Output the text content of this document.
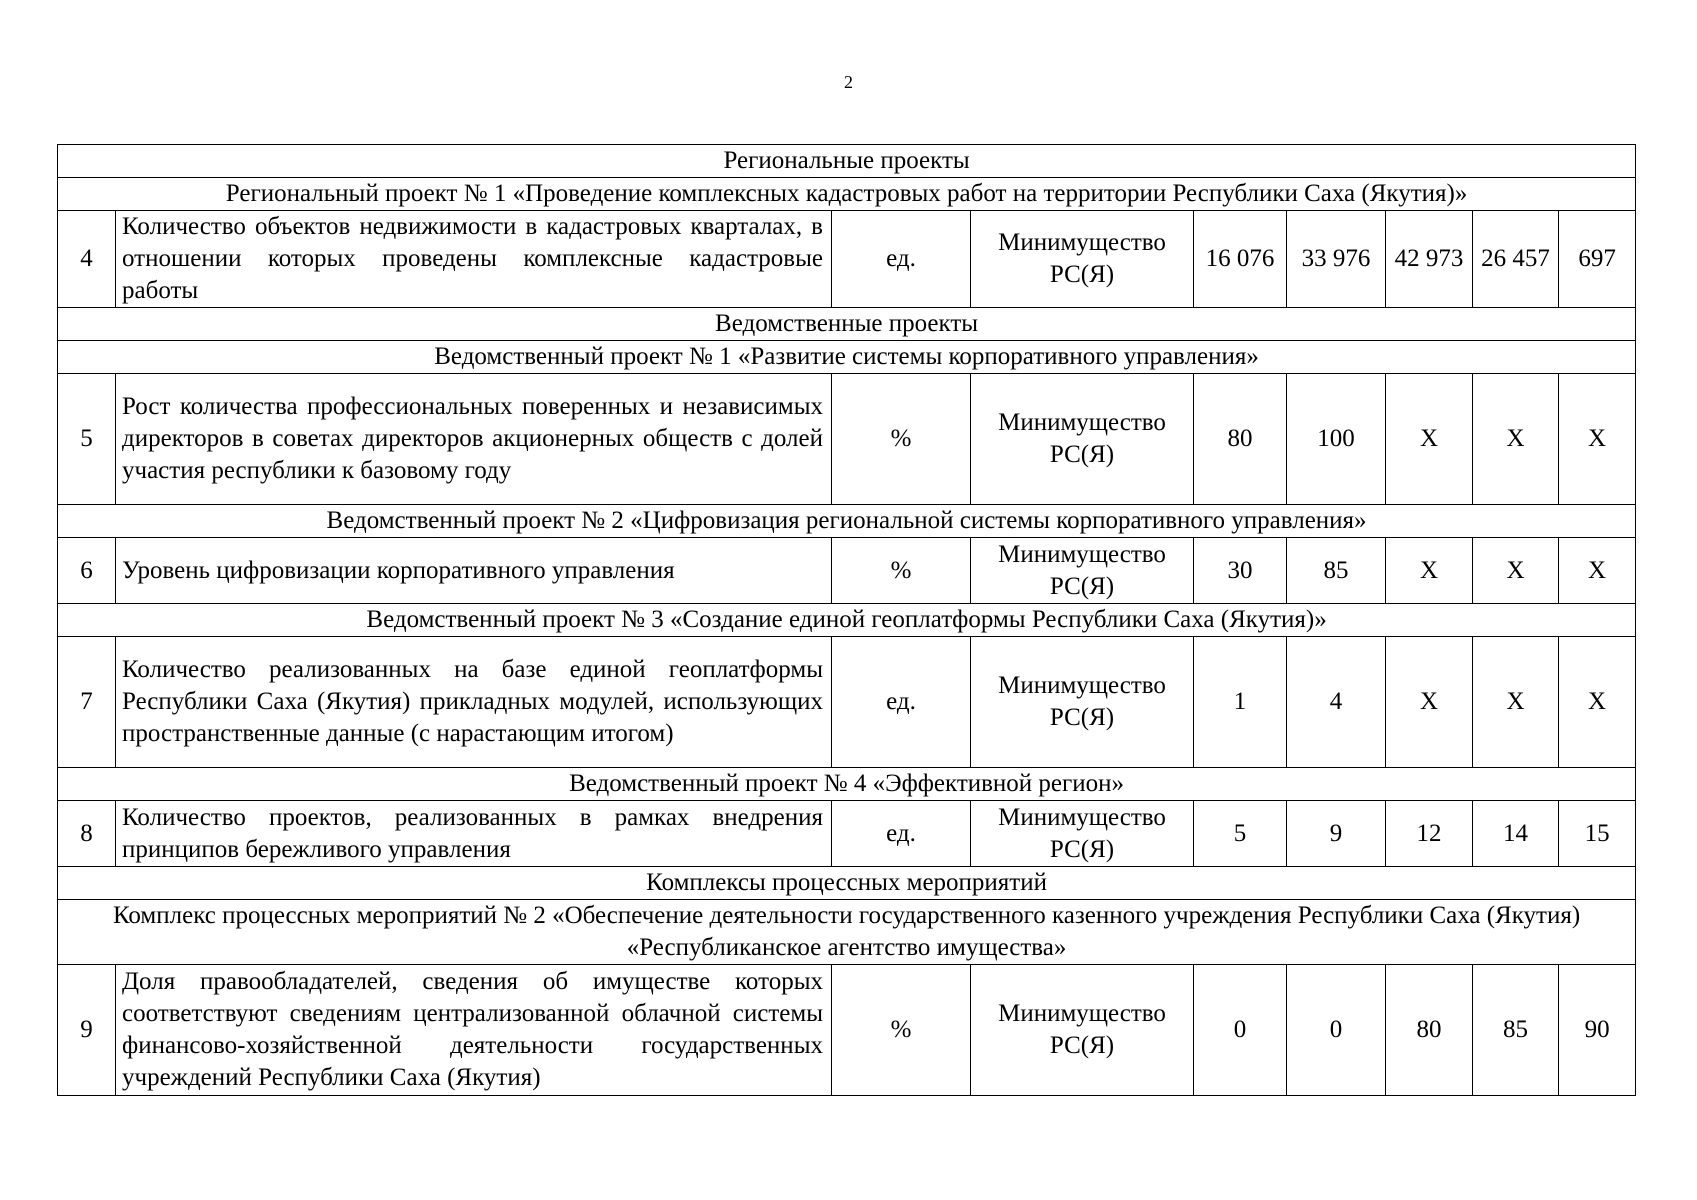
2
Региональные проекты								
Региональный проект № 1 «Проведение комплексных кадастровых работ на территории Республики Саха (Якутия)»								
4	Количество объектов недвижимости в кадастровых кварталах, в отношении которых проведены комплексные кадастровые работы	ед.	Минимущество РС(Я)	16 076	33 976	42 973	26 457	697
Ведомственные проекты								
Ведомственный проект № 1 «Развитие системы корпоративного управления»								
5	Рост количества профессиональных поверенных и независимых директоров в советах директоров акционерных обществ с долей участия республики к базовому году	%	Минимущество РС(Я)	80	100	Х	Х	Х
Ведомственный проект № 2 «Цифровизация региональной системы корпоративного управления»								
6	Уровень цифровизации корпоративного управления	%	Минимущество РС(Я)	30	85	Х	Х	Х
Ведомственный проект № 3 «Создание единой геоплатформы Республики Саха (Якутия)»								
7	Количество реализованных на базе единой геоплатформы Республики Саха (Якутия) прикладных модулей, использующих пространственные данные (с нарастающим итогом)	ед.	Минимущество РС(Я)	1	4	Х	Х	Х
Ведомственный проект № 4 «Эффективной регион»								
8	Количество проектов, реализованных в рамках внедрения принципов бережливого управления	ед.	Минимущество РС(Я)	5	9	12	14	15
Комплексы процессных мероприятий								
Комплекс процессных мероприятий № 2 «Обеспечение деятельности государственного казенного учреждения Республики Саха (Якутия) «Республиканское агентство имущества»								
9	Доля правообладателей, сведения об имуществе которых соответствуют сведениям централизованной облачной системы финансово-хозяйственной деятельности государственных учреждений Республики Саха (Якутия)	%	Минимущество РС(Я)	0	0	80	85	90
